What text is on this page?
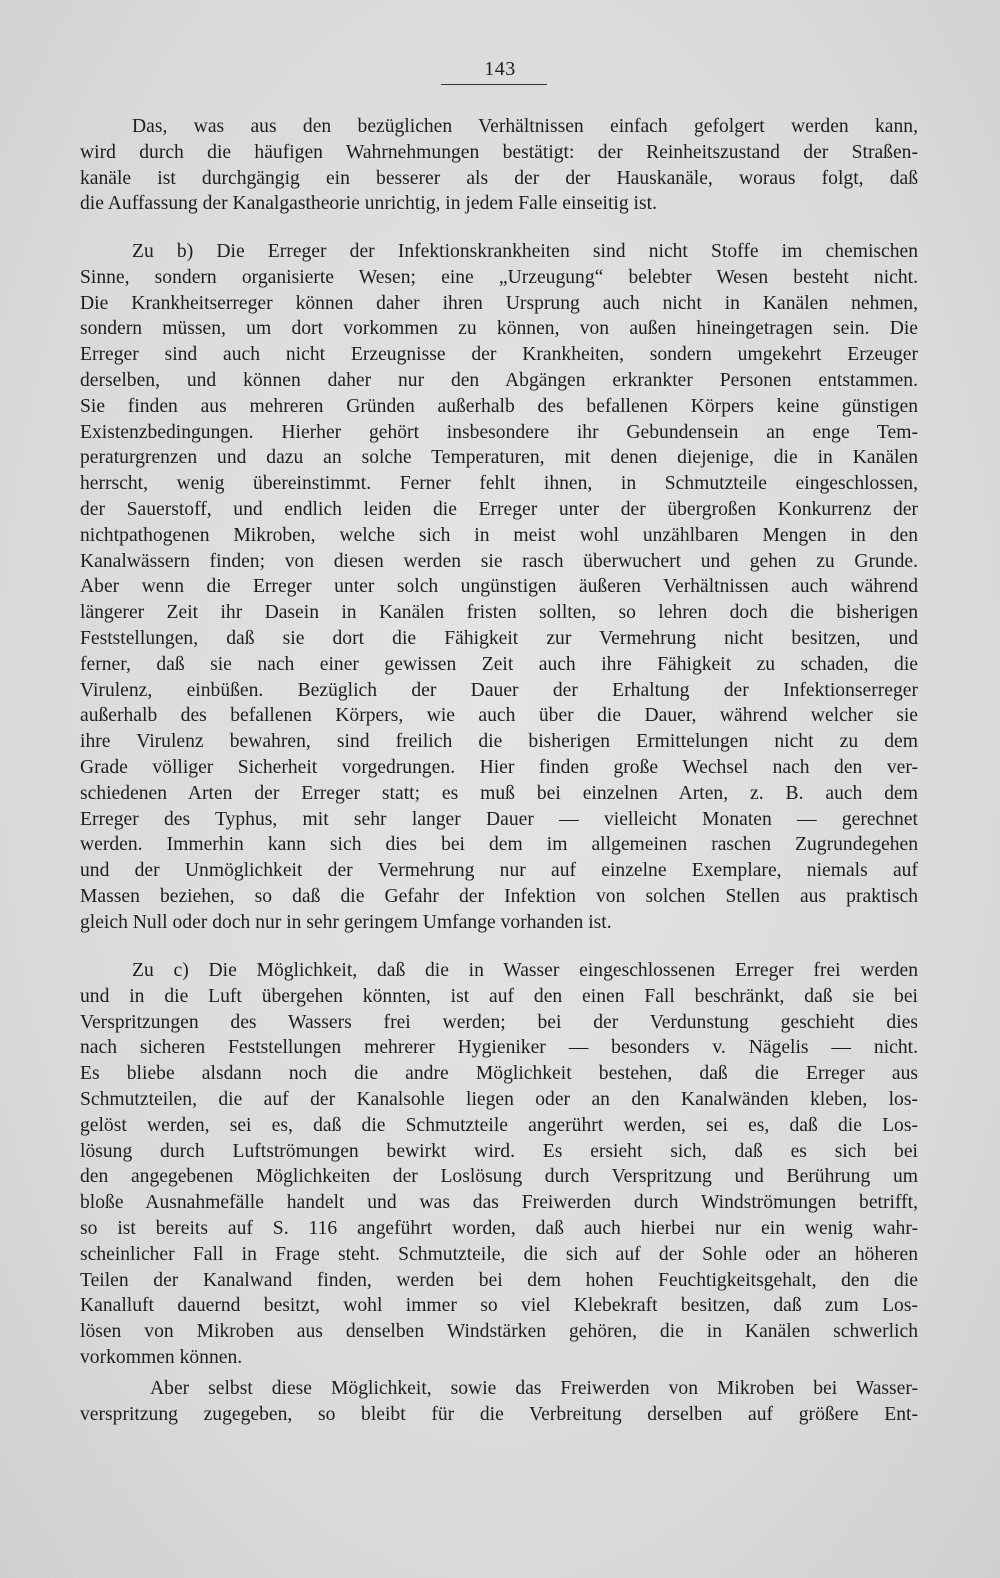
143
Das, was aus den bezüglichen Verhältnissen einfach gefolgert werden kann,
wird durch die häufigen Wahrnehmungen bestätigt: der Reinheitszustand der Straßen-
kanäle ist durchgängig ein besserer als der der Hauskanäle, woraus folgt, daß
die Auffassung der Kanalgastheorie unrichtig, in jedem Falle einseitig ist.
Zu b) Die Erreger der Infektionskrankheiten sind nicht Stoffe im chemischen
Sinne, sondern organisierte Wesen; eine „Urzeugung“ belebter Wesen besteht nicht.
Die Krankheitserreger können daher ihren Ursprung auch nicht in Kanälen nehmen,
sondern müssen, um dort vorkommen zu können, von außen hineingetragen sein. Die
Erreger sind auch nicht Erzeugnisse der Krankheiten, sondern umgekehrt Erzeuger
derselben, und können daher nur den Abgängen erkrankter Personen entstammen.
Sie finden aus mehreren Gründen außerhalb des befallenen Körpers keine günstigen
Existenzbedingungen. Hierher gehört insbesondere ihr Gebundensein an enge Tem-
peraturgrenzen und dazu an solche Temperaturen, mit denen diejenige, die in Kanälen
herrscht, wenig übereinstimmt. Ferner fehlt ihnen, in Schmutzteile eingeschlossen,
der Sauerstoff, und endlich leiden die Erreger unter der übergroßen Konkurrenz der
nichtpathogenen Mikroben, welche sich in meist wohl unzählbaren Mengen in den
Kanalwässern finden; von diesen werden sie rasch überwuchert und gehen zu Grunde.
Aber wenn die Erreger unter solch ungünstigen äußeren Verhältnissen auch während
längerer Zeit ihr Dasein in Kanälen fristen sollten, so lehren doch die bisherigen
Feststellungen, daß sie dort die Fähigkeit zur Vermehrung nicht besitzen, und
ferner, daß sie nach einer gewissen Zeit auch ihre Fähigkeit zu schaden, die
Virulenz, einbüßen. Bezüglich der Dauer der Erhaltung der Infektionserreger
außerhalb des befallenen Körpers, wie auch über die Dauer, während welcher sie
ihre Virulenz bewahren, sind freilich die bisherigen Ermittelungen nicht zu dem
Grade völliger Sicherheit vorgedrungen. Hier finden große Wechsel nach den ver-
schiedenen Arten der Erreger statt; es muß bei einzelnen Arten, z. B. auch dem
Erreger des Typhus, mit sehr langer Dauer — vielleicht Monaten — gerechnet
werden. Immerhin kann sich dies bei dem im allgemeinen raschen Zugrundegehen
und der Unmöglichkeit der Vermehrung nur auf einzelne Exemplare, niemals auf
Massen beziehen, so daß die Gefahr der Infektion von solchen Stellen aus praktisch
gleich Null oder doch nur in sehr geringem Umfange vorhanden ist.
Zu c) Die Möglichkeit, daß die in Wasser eingeschlossenen Erreger frei werden
und in die Luft übergehen könnten, ist auf den einen Fall beschränkt, daß sie bei
Verspritzungen des Wassers frei werden; bei der Verdunstung geschieht dies
nach sicheren Feststellungen mehrerer Hygieniker — besonders v. Nägelis — nicht.
Es bliebe alsdann noch die andre Möglichkeit bestehen, daß die Erreger aus
Schmutzteilen, die auf der Kanalsohle liegen oder an den Kanalwänden kleben, los-
gelöst werden, sei es, daß die Schmutzteile angerührt werden, sei es, daß die Los-
lösung durch Luftströmungen bewirkt wird. Es ersieht sich, daß es sich bei
den angegebenen Möglichkeiten der Loslösung durch Verspritzung und Berührung um
bloße Ausnahmefälle handelt und was das Freiwerden durch Windströmungen betrifft,
so ist bereits auf S. 116 angeführt worden, daß auch hierbei nur ein wenig wahr-
scheinlicher Fall in Frage steht. Schmutzteile, die sich auf der Sohle oder an höheren
Teilen der Kanalwand finden, werden bei dem hohen Feuchtigkeitsgehalt, den die
Kanalluft dauernd besitzt, wohl immer so viel Klebekraft besitzen, daß zum Los-
lösen von Mikroben aus denselben Windstärken gehören, die in Kanälen schwerlich
vorkommen können.
Aber selbst diese Möglichkeit, sowie das Freiwerden von Mikroben bei Wasser-
verspritzung zugegeben, so bleibt für die Verbreitung derselben auf größere Ent-
